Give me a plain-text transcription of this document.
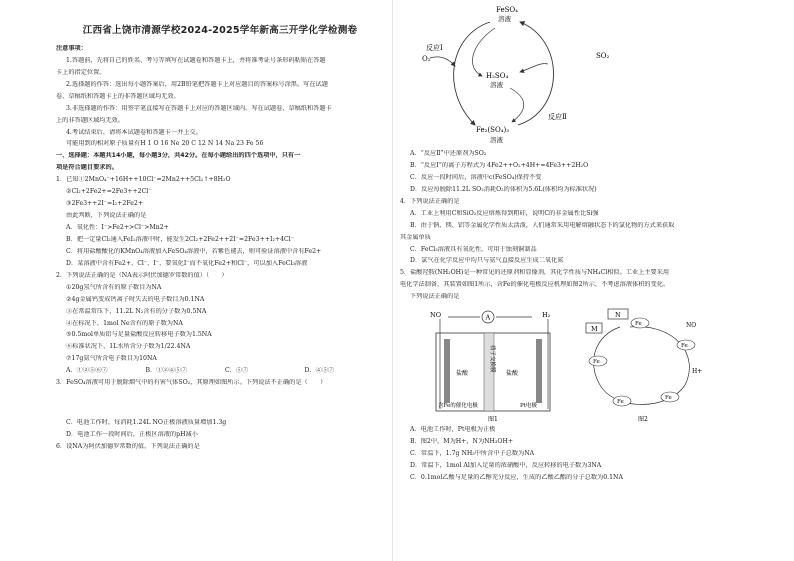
江西省上饶市清源学校2024-2025学年新高三开学化学检测卷
注意事项：
1.答题前，先将自己的姓名、考号等填写在试题卷和答题卡上，并将准考证号条形码粘贴在答题
卡上的指定位置。
2.选择题的作答：选出每小题答案后，用2B铅笔把答题卡上对应题目的答案标号涂黑。写在试题
卷、草稿纸和答题卡上的非答题区域均无效。
3.非选择题的作答：用签字笔直接写在答题卡上对应的答题区域内。写在试题卷、草稿纸和答题卡
上的非答题区域均无效。
4.考试结束后，请将本试题卷和答题卡一并上交。
可能用到的相对原子质量有H 1 O 16 Ne 20 C 12 N 14 Na 23 Fe 56
一、选择题：本题共14小题，每小题3分，共42分。在每小题给出的四个选项中，只有一
项是符合题目要求的。
1．已知①2MnO₄⁻+16H++10Cl⁻=2Mn2++5Cl₂↑+8H₂O
②Cl₂+2Fe2+=2Fe3++2Cl⁻
③2Fe3++2I⁻=I₂+2Fe2+
由此判断，下列说法正确的是
A．氧化性：I⁻>Fe2+>Cl⁻>Mn2+
B．把一定量Cl₂通入FeI₂溶液中时，能发生2Cl₂+2Fe2++2I⁻=2Fe3++I₂+4Cl⁻
C．将用盐酸酸化的KMnO₄溶液加入FeSO₄溶液中，若紫色褪去，则可验证溶液中含有Fe2+
D．某溶液中含有Fe2+、Cl⁻、I⁻，要氧化I⁻而不氧化Fe2+和Cl⁻，可以加入FeCl₃溶液
2．下列说法正确的是（NA表示阿伏加德罗常数的值）（　　）
①20g氖气所含有的原子数目为NA
②4g金属钙变成钙离子时失去的电子数目为0.1NA
③在常温常压下，11.2L N₂含有的分子数为0.5NA
④在标况下，1mol Ne含有的原子数为NA
⑤0.5mol单质铝与足量盐酸反应转移电子数为1.5NA
⑥标准状况下，1L水所含分子数为1/22.4NA
⑦17g氨气所含电子数目为10NA
A．①②⑤⑥⑦	B．①②④⑤⑦	C．⑤⑦	D．④⑤⑦
3．FeSO₄溶液可用于脱除烟气中的有害气体SO₂，其原理如图所示。下列说法不正确的是（　　）
C．电池工作时，每消耗1.24L NO正极溶液质量增加1.3g
D．电池工作一段时间后，正极区溶液的pH减小
6．设NA为阿伏加德罗常数的值，下列说法正确的是
FeSO₄
溶液
H₂SO₄
溶液
Fe₂(SO₄)₃
溶液
反应Ⅰ
反应Ⅱ
O₂	SO₂
A．“反应Ⅱ”中还原剂为SO₂
B．“反应Ⅰ”的离子方程式为 4Fe2++O₂+4H+=4Fe3++2H₂O
C．反应一段时间后，溶液中c(FeSO₄)保持不变
D．反应每脱除11.2L SO₂消耗O₂的体积为5.6L(体积均为标准状况)
4．下列说法正确的是
A．工业上利用C和SiO₂反应熔炼得到粗硅，说明C的非金属性比Si强
B．由于钠、镁、铝等金属化学性质太活泼，人们通常采用电解熔融状态下的氯化物的方式来获取
其金属单质
C．FeCl₃溶液具有氧化性，可用于蚀刻铜制品
D．氯气在化学反应中均只与氨气直接反应生成二氧化氮
5．盐酸羟胺(NH₂OH)是一种常见的还原剂和显像剂，其化学性质与NH₄Cl相似。工业上主要采用
电化学法制备，其装置如图1所示，含Fe的催化电极反应机理如图2所示，不考虑溶液体积的变化。
下列说法正确的是
NO	H₂
A
质子交换膜
盐酸	盐酸
含Fe的催化电极	Pt电极
图1
N
M	NO
H+
Fe
Fe
Fe
Fe
Fe
图2
A．电池工作时，Pt电极为正极
B．图2中，M为H+，N为NH₃OH+
C．常温下，1.7g NH₃中所含中子总数为NA
D．常温下，1mol Al加入足量的浓硝酸中，反应转移的电子数为3NA
C．0.1mol乙酸与足量的乙醇充分反应，生成的乙酸乙酯的分子总数为0.1NA
